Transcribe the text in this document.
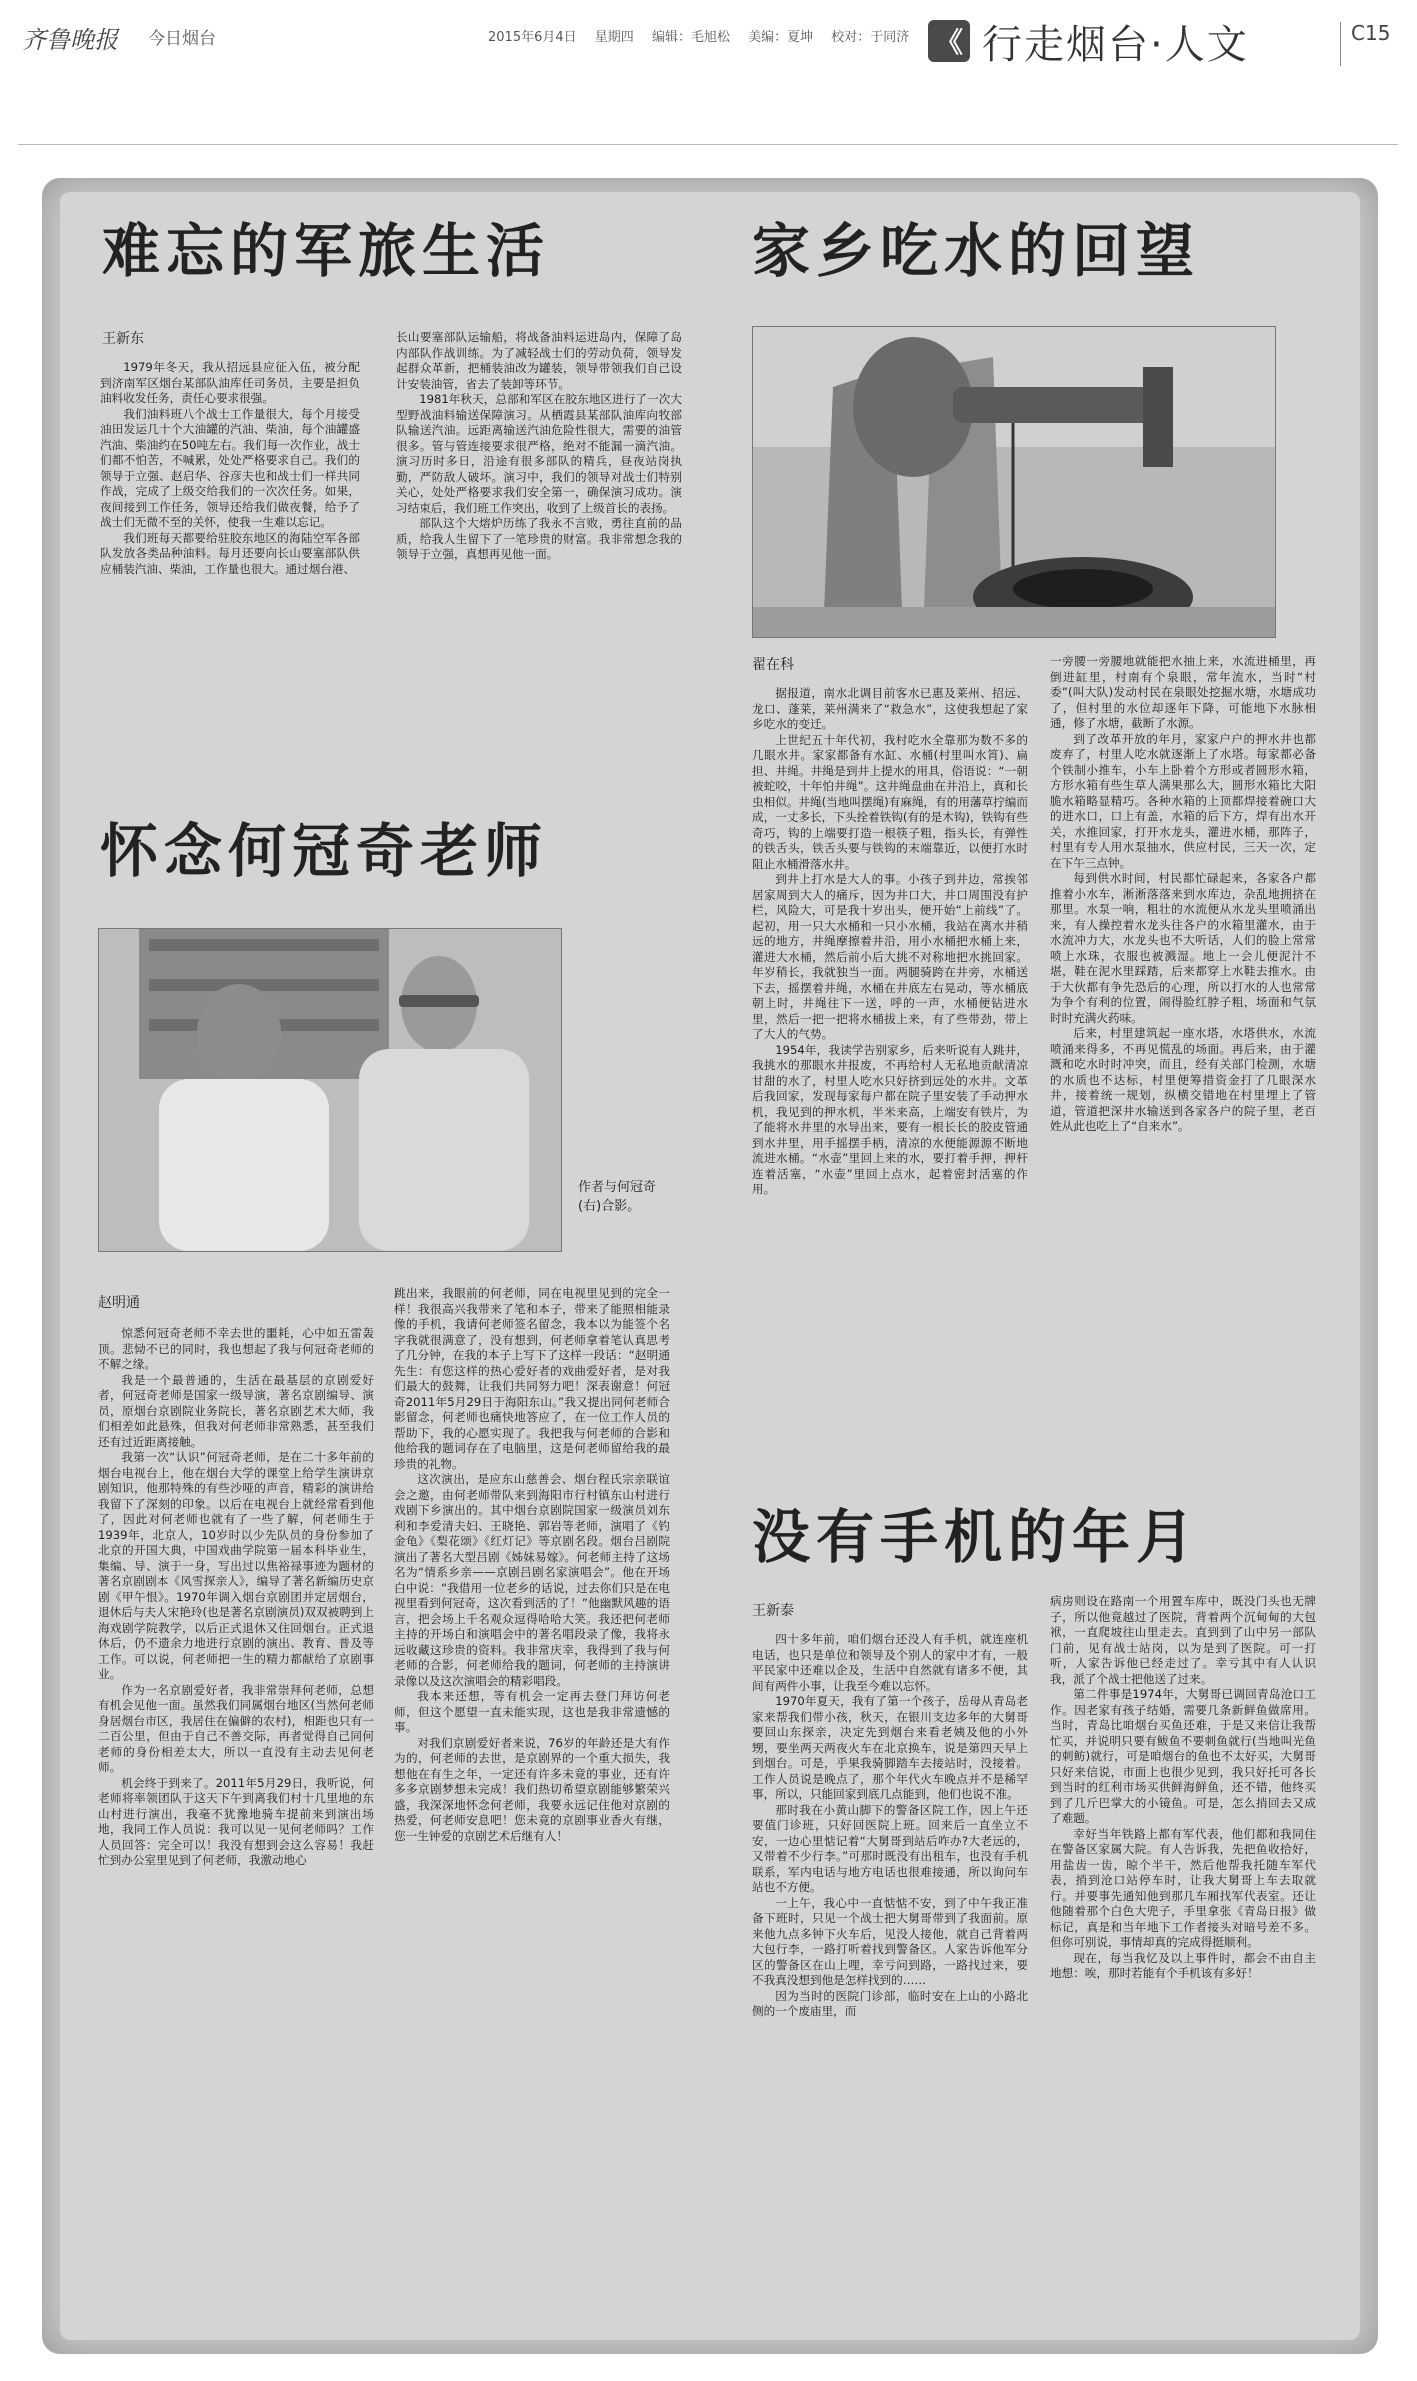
齐鲁晚报 今日烟台	2015年6月4日 星期四 编辑：毛旭松 美编：夏坤 校对：于同济 《 行走烟台·人文	C15
难忘的军旅生活
王新东

1979年冬天，我从招远县应征入伍，被分配到济南军区烟台某部队油库任司务员，主要是担负油料收发任务，责任心要求很强。

我们油料班八个战士工作量很大，每个月接受油田发运几十个大油罐的汽油、柴油，每个油罐盛汽油、柴油约在50吨左右。我们每一次作业，战士们都不怕苦，不喊累，处处严格要求自己。我们的领导于立强、赵启华、谷彦夫也和战士们一样共同作战，完成了上级交给我们的一次次任务。如果，夜间接到工作任务，领导还给我们做夜餐，给予了战士们无微不至的关怀，使我一生难以忘记。

我们班每天都要给驻胶东地区的海陆空军各部队发放各类品种油料。每月还要向长山要塞部队供应桶装汽油、柴油，工作量也很大。通过烟台港、

长山要塞部队运输船，将战备油料运进岛内，保障了岛内部队作战训练。为了减轻战士们的劳动负荷，领导发起群众革新，把桶装油改为罐装，领导带领我们自己设计安装油管，省去了装卸等环节。

1981年秋天，总部和军区在胶东地区进行了一次大型野战油料输送保障演习。从栖霞县某部队油库向牧部队输送汽油。远距离输送汽油危险性很大，需要的油管很多。管与管连接要求很严格，绝对不能漏一滴汽油。演习历时多日，沿途有很多部队的精兵，昼夜站岗执勤，严防敌人破坏。演习中，我们的领导对战士们特别关心，处处严格要求我们安全第一，确保演习成功。演习结束后，我们班工作突出，收到了上级首长的表扬。

部队这个大熔炉历练了我永不言败，勇往直前的品质，给我人生留下了一笔珍贵的财富。我非常想念我的领导于立强，真想再见他一面。

怀念何冠奇老师
作者与何冠奇(右)合影。
赵明通

惊悉何冠奇老师不幸去世的噩耗，心中如五雷轰顶。悲恸不已的同时，我也想起了我与何冠奇老师的不解之缘。

我是一个最普通的，生活在最基层的京剧爱好者，何冠奇老师是国家一级导演，著名京剧编导、演员，原烟台京剧院业务院长，著名京剧艺术大师，我们相差如此悬殊，但我对何老师非常熟悉，甚至我们还有过近距离接触。

我第一次“认识”何冠奇老师，是在二十多年前的烟台电视台上，他在烟台大学的课堂上给学生演讲京剧知识，他那特殊的有些沙哑的声音，精彩的演讲给我留下了深刻的印象。以后在电视台上就经常看到他了，因此对何老师也就有了一些了解，何老师生于1939年，北京人，10岁时以少先队员的身份参加了北京的开国大典，中国戏曲学院第一届本科毕业生，集编、导、演于一身，写出过以焦裕禄事迹为题材的著名京剧剧本《风雪探亲人》，编导了著名新编历史京剧《甲午恨》。1970年调入烟台京剧团并定居烟台，退休后与夫人宋艳玲(也是著名京剧演员)双双被聘到上海戏剧学院教学，以后正式退休又住回烟台。正式退休后，仍不遗余力地进行京剧的演出、教育、普及等工作。可以说，何老师把一生的精力都献给了京剧事业。

作为一名京剧爱好者，我非常崇拜何老师，总想有机会见他一面。虽然我们同属烟台地区(当然何老师身居烟台市区，我居住在偏僻的农村)，相距也只有一二百公里，但由于自己不善交际，再者觉得自己同何老师的身份相差太大，所以一直没有主动去见何老师。

机会终于到来了。2011年5月29日，我听说，何老师将率领团队于这天下午到离我们村十几里地的东山村进行演出，我毫不犹豫地骑车提前来到演出场地，我同工作人员说：我可以见一见何老师吗？工作人员回答：完全可以！我没有想到会这么容易！我赶忙到办公室里见到了何老师，我激动地心

跳出来，我眼前的何老师，同在电视里见到的完全一样！我很高兴我带来了笔和本子，带来了能照相能录像的手机，我请何老师签名留念，我本以为能签个名字我就很满意了，没有想到，何老师拿着笔认真思考了几分钟，在我的本子上写下了这样一段话：“赵明通先生：有您这样的热心爱好者的戏曲爱好者，是对我们最大的鼓舞，让我们共同努力吧！深表谢意！何冠奇2011年5月29日于海阳东山。”我又提出同何老师合影留念，何老师也痛快地答应了，在一位工作人员的帮助下，我的心愿实现了。我把我与何老师的合影和他给我的题词存在了电脑里，这是何老师留给我的最珍贵的礼物。

这次演出，是应东山慈善会、烟台程氏宗亲联谊会之邀，由何老师带队来到海阳市行村镇东山村进行戏剧下乡演出的。其中烟台京剧院国家一级演员刘东利和李爱清夫妇、王晓艳、郭岩等老师，演唱了《钓金龟》《梨花颂》《红灯记》等京剧名段。烟台吕剧院演出了著名大型吕剧《姊妹易嫁》。何老师主持了这场名为“情系乡亲——京剧吕剧名家演唱会”。他在开场白中说：“我借用一位老乡的话说，过去你们只是在电视里看到何冠奇，这次看到活的了！”他幽默风趣的语言，把会场上千名观众逗得哈哈大笑。我还把何老师主持的开场白和演唱会中的著名唱段录了像，我将永远收藏这珍贵的资料。我非常庆幸，我得到了我与何老师的合影，何老师给我的题词，何老师的主持演讲录像以及这次演唱会的精彩唱段。

我本来还想，等有机会一定再去登门拜访何老师，但这个愿望一直未能实现，这也是我非常遗憾的事。

对我们京剧爱好者来说，76岁的年龄还是大有作为的，何老师的去世，是京剧界的一个重大损失，我想他在有生之年，一定还有许多未竟的事业，还有许多多京剧梦想未完成！我们热切希望京剧能够繁荣兴盛，我深深地怀念何老师，我要永远记住他对京剧的热爱，何老师安息吧！您未竟的京剧事业香火有继，您一生钟爱的京剧艺术后继有人！

家乡吃水的回望
翟在科

据报道，南水北调目前客水已惠及莱州、招远、龙口、蓬莱，莱州满来了“救急水”，这使我想起了家乡吃水的变迁。

上世纪五十年代初，我村吃水全靠那为数不多的几眼水井。家家都备有水缸、水桶(村里叫水筲)、扁担、井绳。井绳是到井上提水的用具，俗语说：“一朝被蛇咬，十年怕井绳”。这井绳盘曲在井沿上，真和长虫相似。井绳(当地叫摆绳)有麻绳，有的用藩草拧编而成，一丈多长，下头拴着铁钩(有的是木钩)，铁钩有些奇巧，钩的上端要打造一根筷子粗，指头长，有弹性的铁舌头，铁舌头要与铁钩的末端靠近，以便打水时阻止水桶滑落水井。

到井上打水是大人的事。小孩子到井边，常挨邻居家周到大人的痛斥，因为井口大，井口周围没有护栏，风险大，可是我十岁出头，便开始“上前线”了。起初，用一只大水桶和一只小水桶，我站在离水井稍远的地方，井绳摩擦着井沿，用小水桶把水桶上来，灌进大水桶，然后前小后大挑不对称地把水挑回家。年岁稍长，我就独当一面。两腿骑跨在井旁，水桶送下去，摇摆着井绳，水桶在井底左右晃动，等水桶底朝上时，井绳往下一送，呼的一声，水桶便钻进水里，然后一把一把将水桶拔上来，有了些带劲，带上了大人的气势。

1954年，我读学告别家乡，后来听说有人跳井，我挑水的那眼水井报废，不再给村人无私地贡献清凉甘甜的水了，村里人吃水只好挤到远处的水井。文革后我回家，发现每家每户都在院子里安装了手动押水机，我见到的押水机，半米来高，上端安有铁片，为了能将水井里的水导出来，要有一根长长的胶皮管通到水井里，用手摇摆手柄，清凉的水便能源源不断地流进水桶。“水壶”里回上来的水，要打着手押，押杆连着活塞，“水壶”里回上点水，起着密封活塞的作用。

一旁腰一旁腰地就能把水抽上来，水流进桶里，再倒进缸里，村南有个泉眼，常年流水，当时“村委”(叫大队)发动村民在泉眼处挖掘水塘，水塘成功了，但村里的水位却逐年下降，可能地下水脉相通，修了水塘，截断了水源。

到了改革开放的年月，家家户户的押水井也都废弃了，村里人吃水就逐渐上了水塔。每家都必备个铁制小推车，小车上卧着个方形或者圆形水箱，方形水箱有些生草人满果那么大，圆形水箱比大阳脆水箱略显精巧。各种水箱的上顶都焊接着碗口大的进水口，口上有盖，水箱的后下方，焊有出水开关，水推回家，打开水龙头，灌进水桶，那阵子，村里有专人用水泵抽水，供应村民，三天一次，定在下午三点钟。

每到供水时间，村民都忙碌起来，各家各户都推着小水车，淅淅落落来到水库边，杂乱地拥挤在那里。水泵一响，粗壮的水流便从水龙头里喷涌出来，有人操控着水龙头往各户的水箱里灌水，由于水流冲力大，水龙头也不大听话，人们的脸上常常喷上水珠，衣服也被溅湿。地上一会儿便泥汁不堪，鞋在泥水里踩踏，后来都穿上水鞋去推水。由于大伙都有争先恐后的心理，所以打水的人也常常为争个有利的位置，闹得脸红脖子粗，场面和气氛时时充满火药味。

后来，村里建筑起一座水塔，水塔供水，水流喷涌来得多，不再见慌乱的场面。再后来，由于灌溉和吃水时时冲突，而且，经有关部门检测，水塘的水质也不达标，村里便筹措资金打了几眼深水井，接着统一规划，纵横交错地在村里埋上了管道，管道把深井水输送到各家各户的院子里，老百姓从此也吃上了“自来水”。

没有手机的年月
王新泰

四十多年前，咱们烟台还没人有手机，就连座机电话，也只是单位和领导及个别人的家中才有，一般平民家中还难以企及，生活中自然就有诸多不便，其间有两件小事，让我至今难以忘怀。

1970年夏天，我有了第一个孩子，岳母从青岛老家来帮我们带小孩，秋天，在银川支边多年的大舅哥要回山东探亲，决定先到烟台来看老姨及他的小外甥，要坐两天两夜火车在北京换车，说是第四天早上到烟台。可是，乎果我骑脚踏车去接站时，没接着。工作人员说是晚点了，那个年代火车晚点并不是稀罕事，所以，只能回家到底几点能到，他们也说不准。

那时我在小黄山脚下的警备区院工作，因上午还要值门诊班，只好回医院上班。回来后一直坐立不安，一边心里惦记着“大舅哥到站后咋办?大老远的，又带着不少行李。”可那时既没有出租车，也没有手机联系，军内电话与地方电话也很难接通，所以询问车站也不方便。

一上午，我心中一直惦惦不安，到了中午我正准备下班时，只见一个战士把大舅哥带到了我面前。原来他九点多钟下火车后，见没人接他，就自己背着两大包行李，一路打听着找到警备区。人家告诉他军分区的警备区在山上哩，幸亏问到路，一路找过来，要不我真没想到他是怎样找到的……

因为当时的医院门诊部，临时安在上山的小路北侧的一个废庙里，而

病房则设在路南一个用置车库中，既没门头也无牌子，所以他竟越过了医院，背着两个沉甸甸的大包袱，一直爬坡往山里走去。直到到了山中另一部队门前，见有战士站岗，以为是到了医院。可一打听，人家告诉他已经走过了。幸亏其中有人认识我，派了个战士把他送了过来。

第二件事是1974年，大舅哥已调回青岛沧口工作。因老家有孩子结婚，需要几条新鲜鱼做席用。当时，青岛比咱烟台买鱼还难，于是又来信让我帮忙买，并说明只要有鲅鱼不要刺鱼就行(当地叫光鱼的刺鲂)就行，可是咱烟台的鱼也不太好买，大舅哥只好来信说，市面上也很少见到，我只好托可各长到当时的红利市场买供鲜海鲜鱼，还不错，他终买到了几斤巴掌大的小镜鱼。可是，怎么捎回去又成了难题。

幸好当年铁路上都有军代表，他们都和我同住在警备区家属大院。有人告诉我，先把鱼收拾好，用盐齿一齿，晾个半干，然后他帮我托随车军代表，捎到沧口站停车时，让我大舅哥上车去取就行。并要事先通知他到那几车厢找军代表室。还让他随着那个白色大兜子，手里拿张《青岛日报》做标记，真是和当年地下工作者接头对暗号差不多。但你可别说，事情却真的完成得挺顺利。

现在，每当我忆及以上事件时，都会不由自主地想：唉，那时若能有个手机该有多好！
